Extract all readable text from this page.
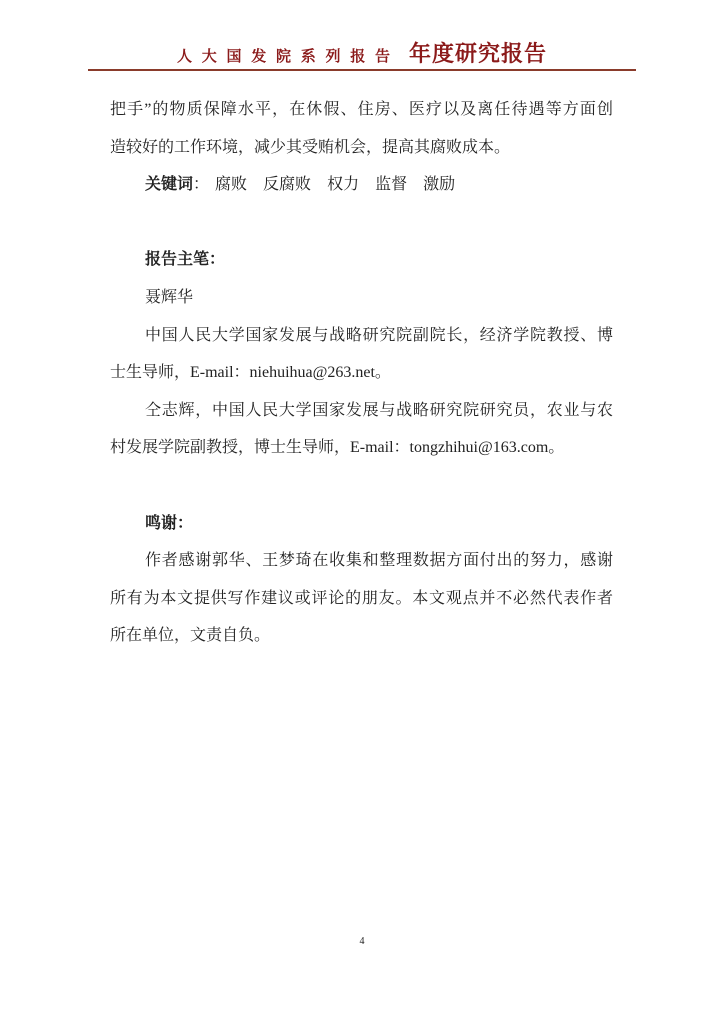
人 大 国 发 院 系 列 报 告 年度研究报告
把手”的物质保障水平，在休假、住房、医疗以及离任待遇等方面创
造较好的工作环境，减少其受贿机会，提高其腐败成本。
关键词： 腐败 反腐败 权力 监督 激励
报告主笔：
聂辉华
中国人民大学国家发展与战略研究院副院长，经济学院教授、博
士生导师，E-mail：niehuihua@263.net。
仝志辉，中国人民大学国家发展与战略研究院研究员，农业与农
村发展学院副教授，博士生导师，E-mail：tongzhihui@163.com。
鸣谢：
作者感谢郭华、王梦琦在收集和整理数据方面付出的努力，感谢
所有为本文提供写作建议或评论的朋友。本文观点并不必然代表作者
所在单位，文责自负。
4
